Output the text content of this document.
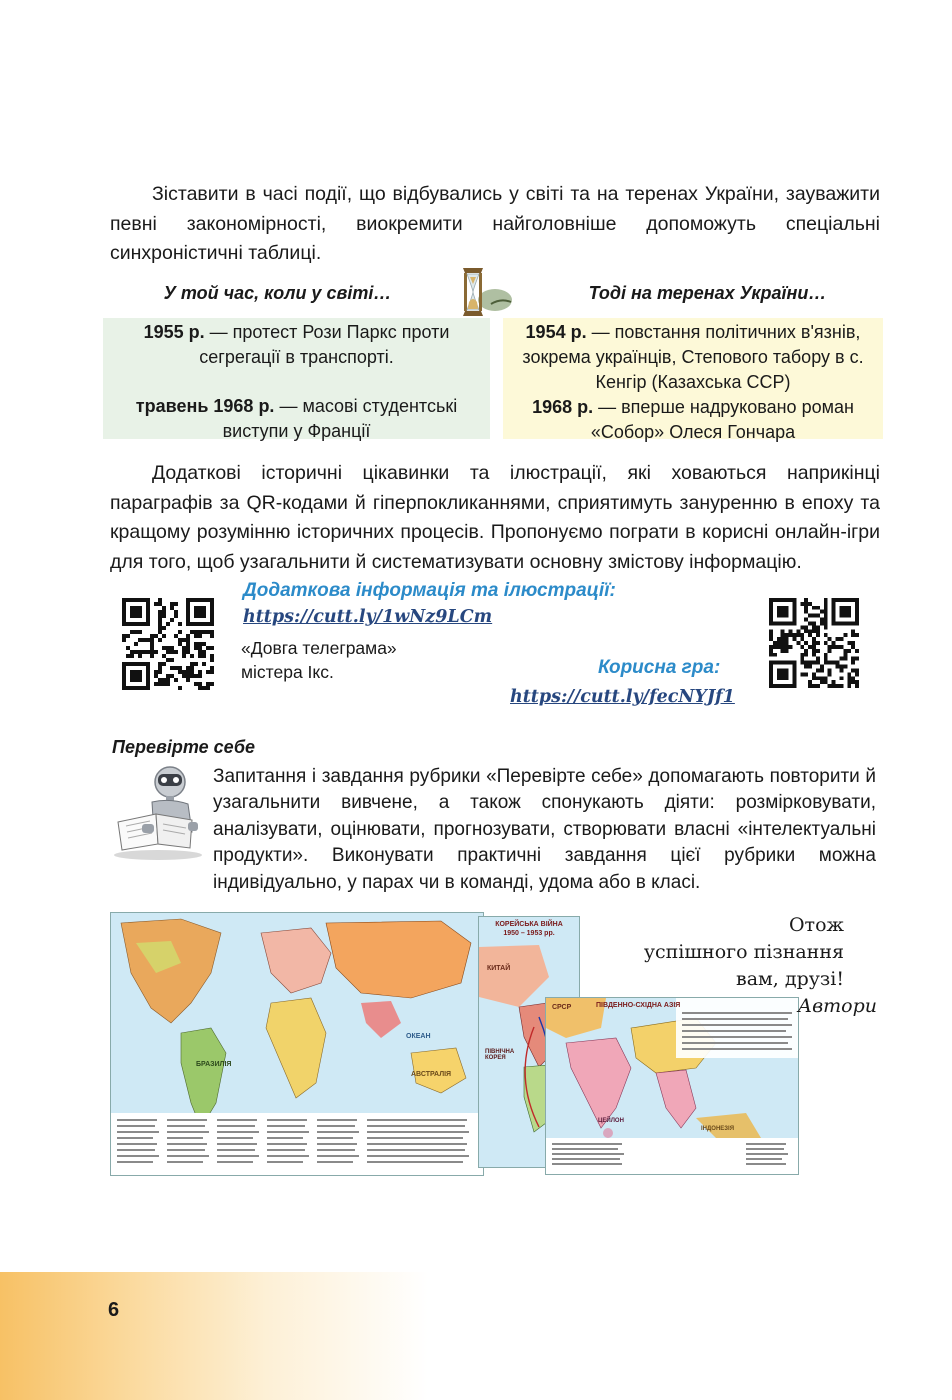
Зіставити в часі події, що відбувались у світі та на теренах України, зауважити певні закономірності, виокремити найголовніше допоможуть спеціальні синхроністичні таблиці.

У той час, коли у світі…	Тоді на теренах України…
1955 р. — протест Рози Паркс проти сегрегації в транспорті.
травень 1968 р. — масові студентські виступи у Франції
1954 р. — повстання політичних в'язнів, зокрема українців, Степового табору в с. Кенгір (Казахська ССР)
1968 р. — вперше надруковано роман «Собор» Олеся Гончара

Додаткові історичні цікавинки та ілюстрації, які ховаються наприкінці параграфів за QR-кодами й гіперпокликаннями, сприятимуть зануренню в епоху та кращому розумінню історичних процесів. Пропонуємо пограти в корисні онлайн-ігри для того, щоб узагальнити й систематизувати основну змістову інформацію.

Додаткова інформація та ілюстрації:
https://cutt.ly/1wNz9LCm
«Довга телеграма»
містера Ікс.	Корисна гра:
https://cutt.ly/fecNYJf1
Перевірте себе

Запитання і завдання рубрики «Перевірте себе» допомагають повторити й узагальнити вивчене, а також спонукають діяти: розмірковувати, аналізувати, оцінювати, прогнозувати, створювати власні «інтелектуальні продукти». Виконувати практичні завдання цієї рубрики можна індивідуально, у парах чи в команді, удома або в класі.

ОКЕАН
АВСТРАЛІЯ
БРАЗИЛІЯ
КОРЕЙСЬКА ВІЙНА
1950 – 1953 рр.
КИТАЙ
ПІВНІЧНА КОРЕЯ
ПІВДЕННО-СХІДНА АЗІЯ
СРСР
ЦЕЙЛОН
ІНДОНЕЗІЯ
Отож
успішного пізнання
вам, друзі!
Автори
6
